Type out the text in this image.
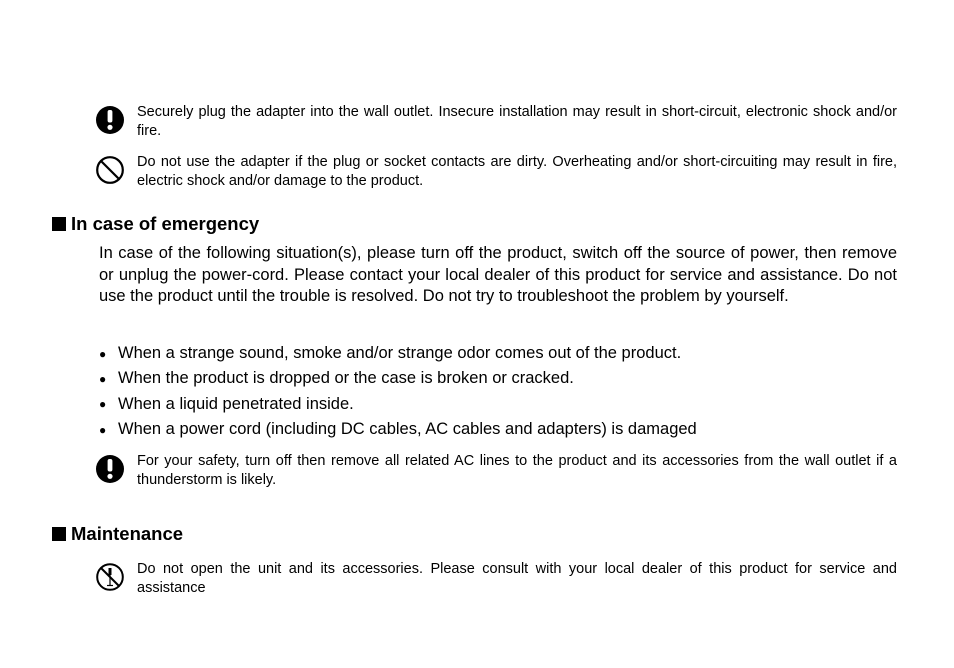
Securely plug the adapter into the wall outlet. Insecure installation may result in short-circuit, electronic shock and/or fire.
Do not use the adapter if the plug or socket contacts are dirty. Overheating and/or short-circuiting may result in fire, electric shock and/or damage to the product.
In case of emergency
In case of the following situation(s), please turn off the product, switch off the source of power, then remove or unplug the power-cord. Please contact your local dealer of this product for service and assistance. Do not use the product until the trouble is resolved. Do not try to troubleshoot the problem by yourself.
● When a strange sound, smoke and/or strange odor comes out of the product.
● When the product is dropped or the case is broken or cracked.
● When a liquid penetrated inside.
● When a power cord (including DC cables, AC cables and adapters) is damaged
For your safety, turn off then remove all related AC lines to the product and its accessories from the wall outlet if a thunderstorm is likely.
Maintenance
Do not open the unit and its accessories. Please consult with your local dealer of this product for service and assistance
